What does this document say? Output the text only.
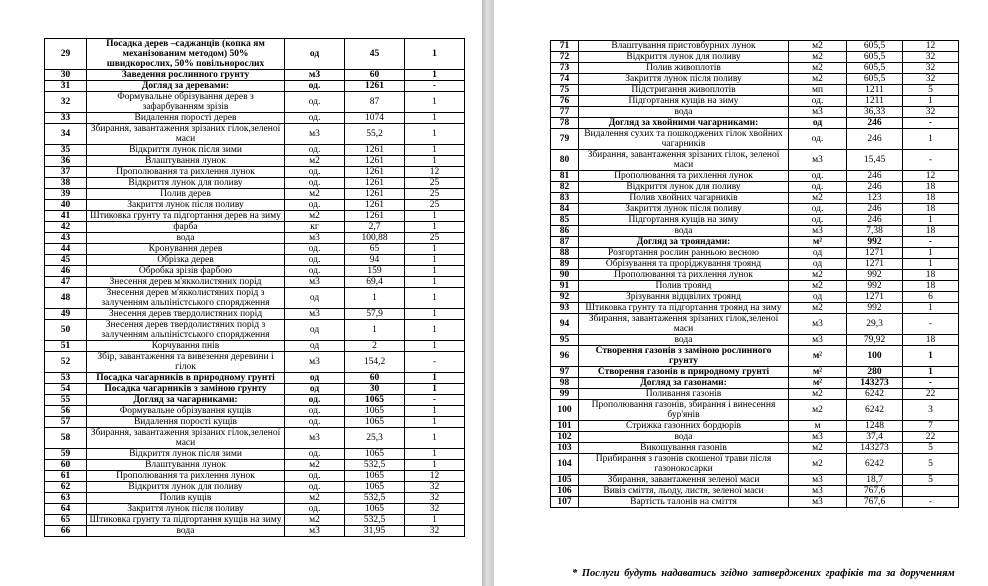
29	Посадка дерев –саджанців (копка ям механізованим методом) 50% швидкорослих, 50% повільнорослих	од	45	1
30	Заведення рослинного грунту	м3	60	1
31	Догляд за деревами:	од.	1261	-
32	Формувальне обрізування дерев з зафарбуванням зрізів	од.	87	1
33	Видалення порості дерев	од.	1074	1
34	Збирання, завантаження зрізаних гілок,зеленої маси	м3	55,2	1
35	Відкриття лунок після зими	од.	1261	1
36	Влаштування лунок	м2	1261	1
37	Прополювання та рихлення лунок	од.	1261	12
38	Відкриття лунок для поливу	од.	1261	25
39	Полив дерев	м2	1261	25
40	Закриття лунок після поливу	од.	1261	25
41	Штиковка грунту та підгортання дерев на зиму	м2	1261	1
42	фарба	кг	2,7	1
43	вода	м3	100,88	25
44	Кронування дерев	од.	65	1
45	Обрізка дерев	од.	94	1
46	Обробка зрізів фарбою	од.	159	1
47	Знесення дерев м'якколистяних порід	м3	69,4	1
48	Знесення дерев м'якколистяних порід з залученням альпіністського спорядження	од	1	1
49	Знесення дерев твердолистяних порід	м3	57,9	1
50	Знесення дерев твердолистяних порід з залученням альпіністського спорядження	од	1	1
51	Корчування пнів	од	2	1
52	Збір, завантаження та вивезення деревини і гілок	м3	154,2	-
53	Посадка чагарників в природному грунті	од	60	1
54	Посадка чагарників з заміною грунту	од	30	1
55	Догляд за чагарниками:	од.	1065	-
56	Формувальне обрізування кущів	од.	1065	1
57	Видалення порості кущів	од.	1065	1
58	Збирання, завантаження зрізаних гілок,зеленої маси	м3	25,3	1
59	Відкриття лунок після зими	од.	1065	1
60	Влаштування лунок	м2	532,5	1
61	Прополювання та рихлення лунок	од.	1065	12
62	Відкриття лунок для поливу	од.	1065	32
63	Полив кущів	м2	532,5	32
64	Закриття лунок після поливу	од.	1065	32
65	Штиковка грунту та підгортання кущів на зиму	м2	532,5	1
66	вода	м3	31,95	32
71	Влаштування пристовбурних лунок	м2	605,5	12
72	Відкриття лунок для поливу	м2	605,5	32
73	Полив живоплотів	м2	605,5	32
74	Закриття лунок після поливу	м2	605,5	32
75	Підстригання живоплотів	мп	1211	5
76	Підгортання кущів на зиму	од.	1211	1
77	вода	м3	36,33	32
78	Догляд за хвойними чагарниками:	од	246	-
79	Видалення сухих та пошкоджених гілок хвойних чагарників	од.	246	1
80	Збирання, завантаження зрізаних гілок, зеленої маси	м3	15,45	-
81	Прополювання та рихлення лунок	од.	246	12
82	Відкриття лунок для поливу	од.	246	18
83	Полив хвойних чагарників	м2	123	18
84	Закриття лунок після поливу	од.	246	18
85	Підгортання кущів на зиму	од.	246	1
86	вода	м3	7,38	18
87	Догляд за трояндами:	м²	992	-
88	Розгортання рослин ранньою весною	од	1271	1
89	Обрізування та проріджування троянд	од	1271	1
90	Прополювання та рихлення лунок	м2	992	18
91	Полив троянд	м2	992	18
92	Зрізування відцвілих троянд	од	1271	6
93	Штиковка грунту та підгортання троянд на зиму	м2	992	1
94	Збирання, завантаження зрізаних гілок,зеленої маси	м3	29,3	-
95	вода	м3	79,92	18
96	Створення газонів з заміною рослинного грунту	м²	100	1
97	Створення газонів в природному грунті	м²	280	1
98	Догляд за газонами:	м²	143273	-
99	Поливання газонів	м2	6242	22
100	Прополювання газонів, збирання і винесення бур'янів	м2	6242	3
101	Стрижка газонних бордюрів	м	1248	7
102	вода	м3	37,4	22
103	Викошування газонів	м2	143273	5
104	Прибирання з газонів скошеної трави після газонокосарки	м2	6242	5
105	Збирання, завантаження зеленої маси	м3	18,7	5
106	Вивіз сміття, льоду, листя, зеленої маси	м3	767,6	
107	Вартість талонів на сміття	м3	767,6	-
* Послуги будуть надаватись згідно затверджених графіків та за дорученням
